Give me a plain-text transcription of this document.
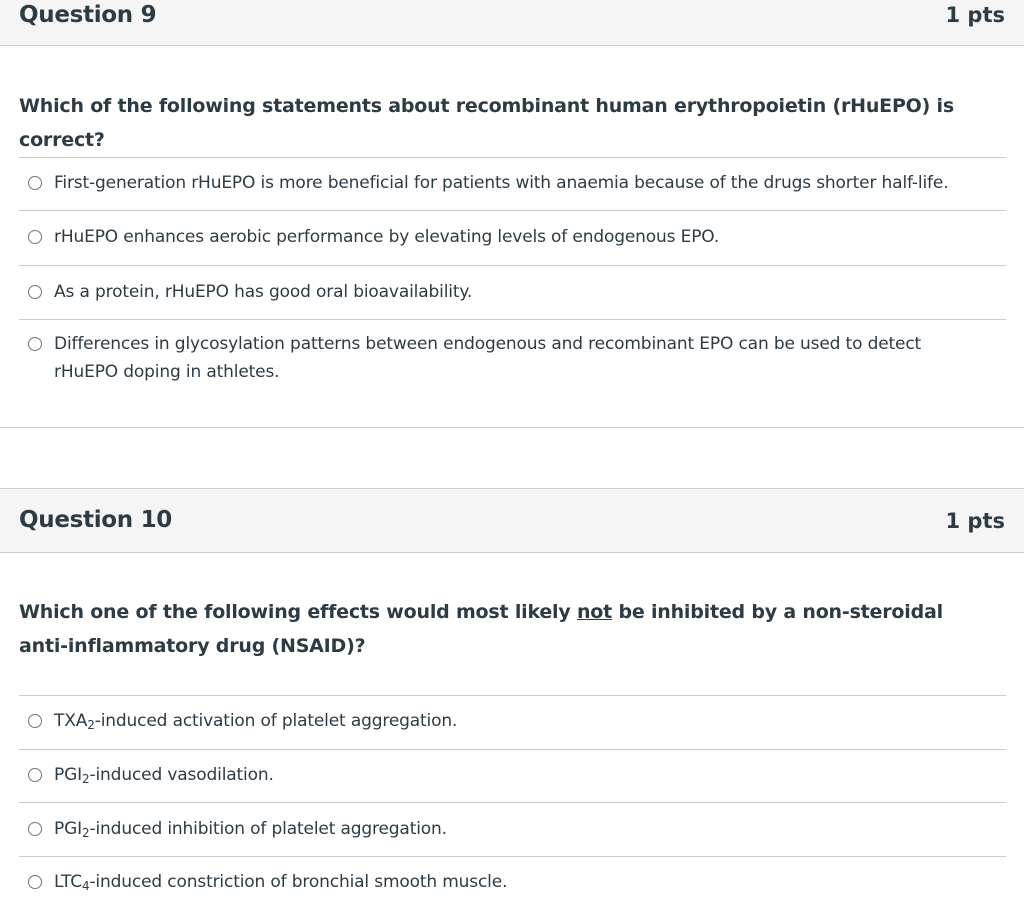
Question 9	1 pts
Which of the following statements about recombinant human erythropoietin (rHuEPO) is correct?
First-generation rHuEPO is more beneficial for patients with anaemia because of the drugs shorter half-life.
rHuEPO enhances aerobic performance by elevating levels of endogenous EPO.
As a protein, rHuEPO has good oral bioavailability.
Differences in glycosylation patterns between endogenous and recombinant EPO can be used to detect rHuEPO doping in athletes.
Question 10	1 pts
Which one of the following effects would most likely not be inhibited by a non-steroidal anti-inflammatory drug (NSAID)?
$TXA_2$-induced activation of platelet aggregation.
$PGI_2$-induced vasodilation.
$PGI_2$-induced inhibition of platelet aggregation.
$LTC_4$-induced constriction of bronchial smooth muscle.
